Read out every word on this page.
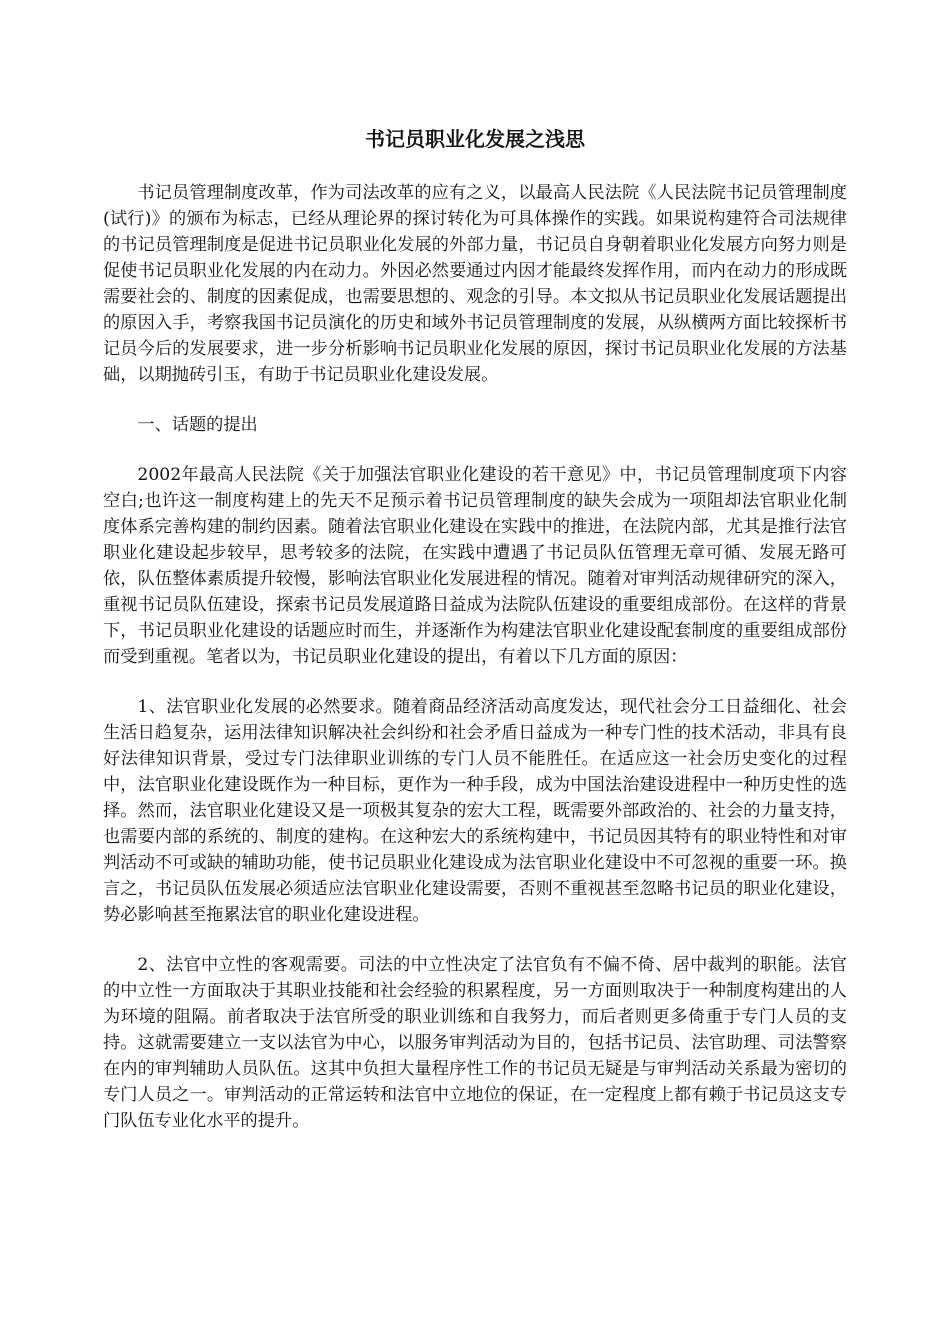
书记员职业化发展之浅思

书记员管理制度改革，作为司法改革的应有之义，以最高人民法院《人民法院书记员管理制度(试行)》的颁布为标志，已经从理论界的探讨转化为可具体操作的实践。如果说构建符合司法规律的书记员管理制度是促进书记员职业化发展的外部力量，书记员自身朝着职业化发展方向努力则是促使书记员职业化发展的内在动力。外因必然要通过内因才能最终发挥作用，而内在动力的形成既需要社会的、制度的因素促成，也需要思想的、观念的引导。本文拟从书记员职业化发展话题提出的原因入手，考察我国书记员演化的历史和域外书记员管理制度的发展，从纵横两方面比较探析书记员今后的发展要求，进一步分析影响书记员职业化发展的原因，探讨书记员职业化发展的方法基础，以期抛砖引玉，有助于书记员职业化建设发展。

一、话题的提出

2002年最高人民法院《关于加强法官职业化建设的若干意见》中，书记员管理制度项下内容空白;也许这一制度构建上的先天不足预示着书记员管理制度的缺失会成为一项阻却法官职业化制度体系完善构建的制约因素。随着法官职业化建设在实践中的推进，在法院内部，尤其是推行法官职业化建设起步较早，思考较多的法院，在实践中遭遇了书记员队伍管理无章可循、发展无路可依，队伍整体素质提升较慢，影响法官职业化发展进程的情况。随着对审判活动规律研究的深入，重视书记员队伍建设，探索书记员发展道路日益成为法院队伍建设的重要组成部份。在这样的背景下，书记员职业化建设的话题应时而生，并逐渐作为构建法官职业化建设配套制度的重要组成部份而受到重视。笔者以为，书记员职业化建设的提出，有着以下几方面的原因：

1、法官职业化发展的必然要求。随着商品经济活动高度发达，现代社会分工日益细化、社会生活日趋复杂，运用法律知识解决社会纠纷和社会矛盾日益成为一种专门性的技术活动，非具有良好法律知识背景，受过专门法律职业训练的专门人员不能胜任。在适应这一社会历史变化的过程中，法官职业化建设既作为一种目标，更作为一种手段，成为中国法治建设进程中一种历史性的选择。然而，法官职业化建设又是一项极其复杂的宏大工程，既需要外部政治的、社会的力量支持，也需要内部的系统的、制度的建构。在这种宏大的系统构建中，书记员因其特有的职业特性和对审判活动不可或缺的辅助功能，使书记员职业化建设成为法官职业化建设中不可忽视的重要一环。换言之，书记员队伍发展必须适应法官职业化建设需要，否则不重视甚至忽略书记员的职业化建设，势必影响甚至拖累法官的职业化建设进程。

2、法官中立性的客观需要。司法的中立性决定了法官负有不偏不倚、居中裁判的职能。法官的中立性一方面取决于其职业技能和社会经验的积累程度，另一方面则取决于一种制度构建出的人为环境的阻隔。前者取决于法官所受的职业训练和自我努力，而后者则更多倚重于专门人员的支持。这就需要建立一支以法官为中心，以服务审判活动为目的，包括书记员、法官助理、司法警察在内的审判辅助人员队伍。这其中负担大量程序性工作的书记员无疑是与审判活动关系最为密切的专门人员之一。审判活动的正常运转和法官中立地位的保证，在一定程度上都有赖于书记员这支专门队伍专业化水平的提升。
